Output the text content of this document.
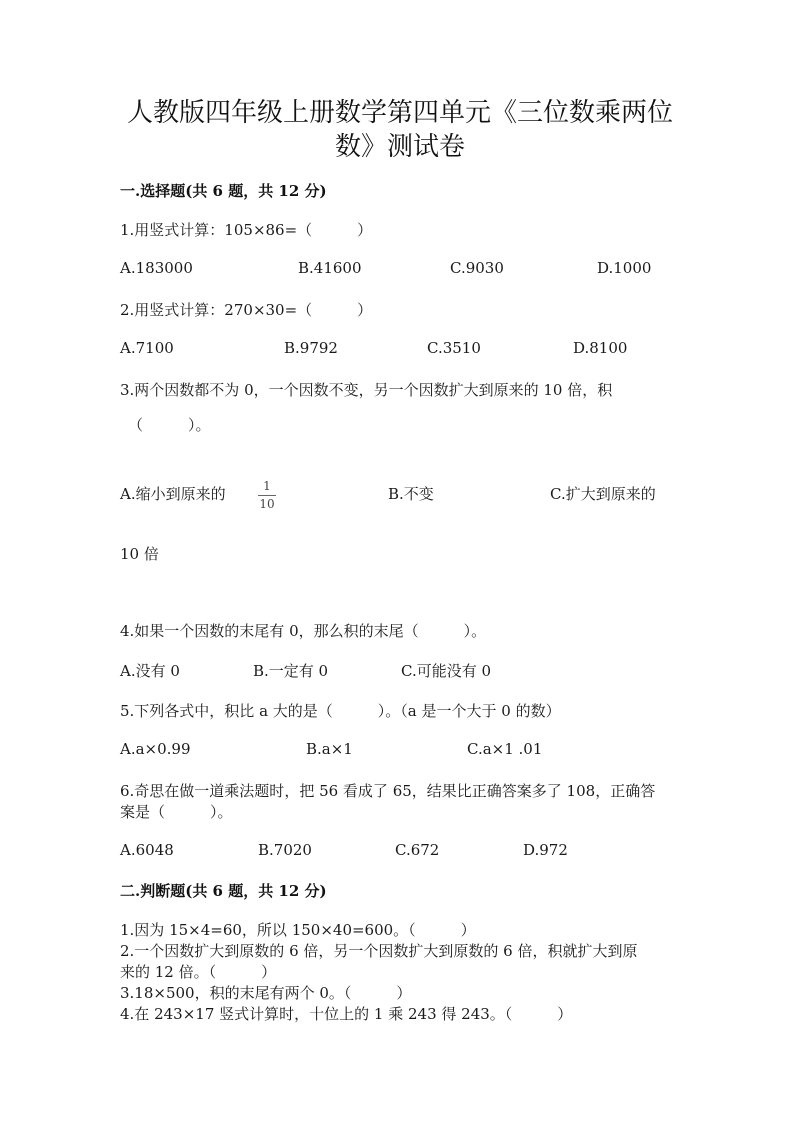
人教版四年级上册数学第四单元《三位数乘两位
数》测试卷
一.选择题(共 6 题，共 12 分)
1.用竖式计算：105×86=（　　　）
A.183000	B.41600	C.9030	D.1000
2.用竖式计算：270×30=（　　　）
A.7100	B.9792	C.3510	D.8100
3.两个因数都不为 0，一个因数不变，另一个因数扩大到原来的 10 倍，积
（　　　）。
A.缩小到原来的	1
10
B.不变	C.扩大到原来的
10 倍
4.如果一个因数的末尾有 0，那么积的末尾（　　　）。
A.没有 0	B.一定有 0	C.可能没有 0
5.下列各式中，积比 a 大的是（　　　）。（a 是一个大于 0 的数）
A.a×0.99	B.a×1	C.a×1 .01
6.奇思在做一道乘法题时，把 56 看成了 65，结果比正确答案多了 108，正确答
案是（　　　）。
A.6048	B.7020	C.672	D.972
二.判断题(共 6 题，共 12 分)
1.因为 15×4=60，所以 150×40=600。（　　　）
2.一个因数扩大到原数的 6 倍，另一个因数扩大到原数的 6 倍，积就扩大到原
来的 12 倍。（　　　）
3.18×500，积的末尾有两个 0。（　　　）
4.在 243×17 竖式计算时，十位上的 1 乘 243 得 243。（　　　）
